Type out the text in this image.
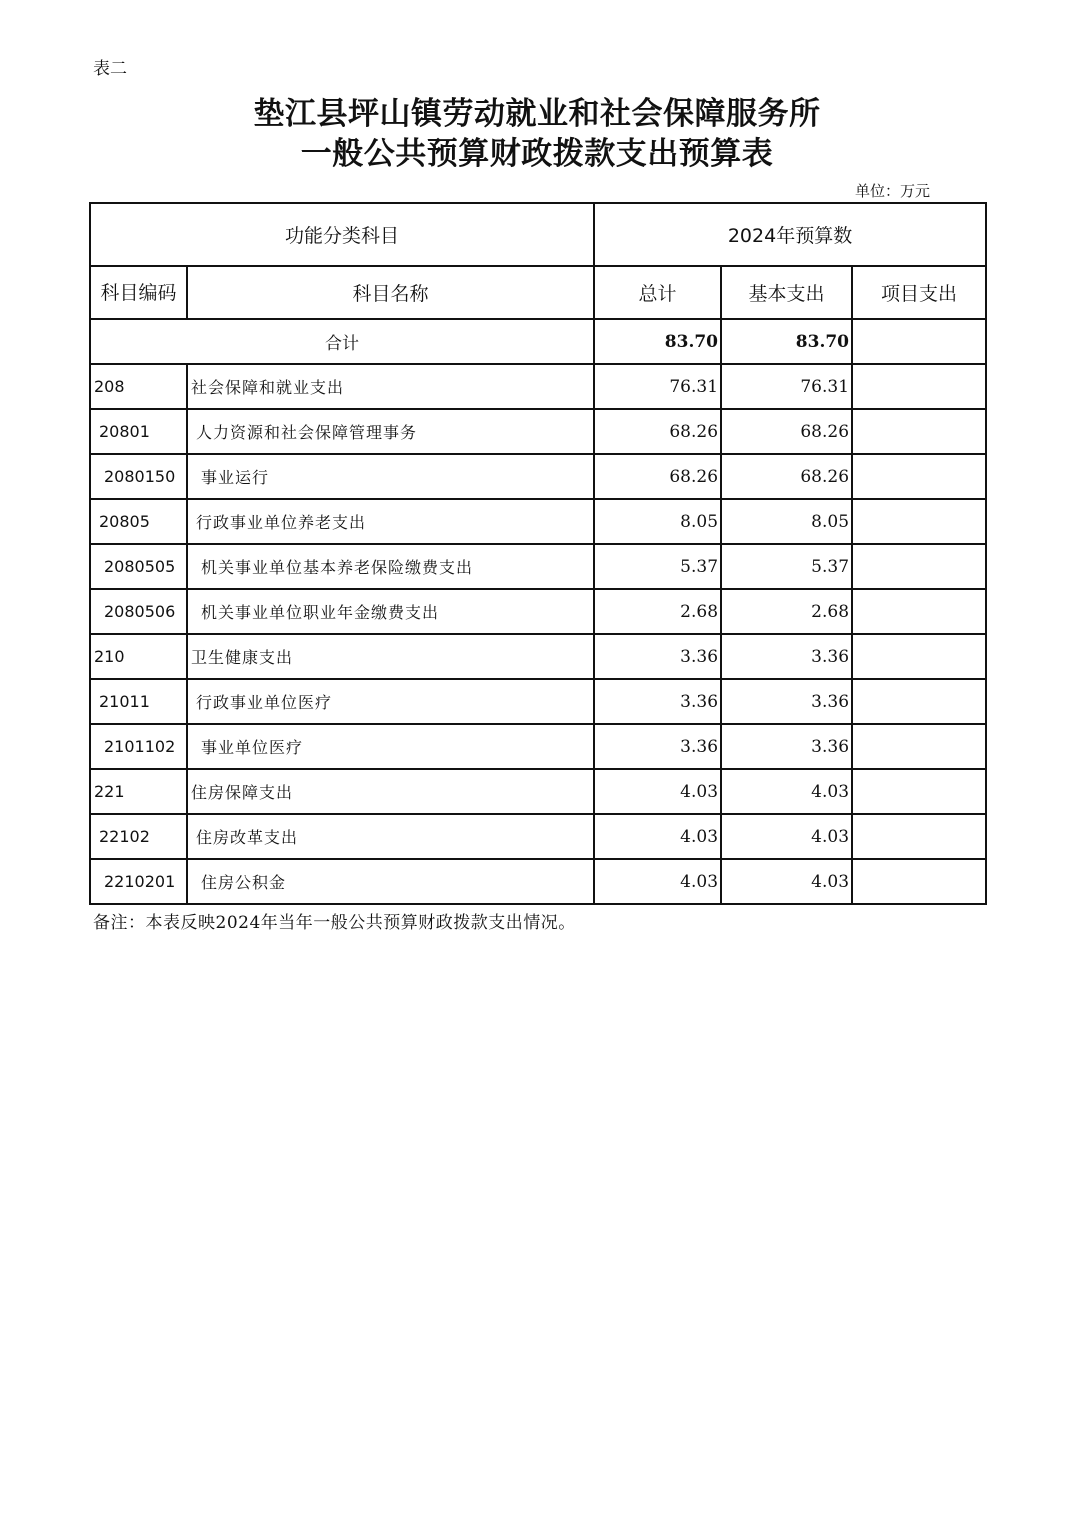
表二
垫江县坪山镇劳动就业和社会保障服务所
一般公共预算财政拨款支出预算表
单位：万元
功能分类科目		2024年预算数		
科目编码	科目名称	总计	基本支出	项目支出
合计		83.70	83.70	
208	社会保障和就业支出	76.31	76.31	
20801	人力资源和社会保障管理事务	68.26	68.26	
2080150	事业运行	68.26	68.26	
20805	行政事业单位养老支出	8.05	8.05	
2080505	机关事业单位基本养老保险缴费支出	5.37	5.37	
2080506	机关事业单位职业年金缴费支出	2.68	2.68	
210	卫生健康支出	3.36	3.36	
21011	行政事业单位医疗	3.36	3.36	
2101102	事业单位医疗	3.36	3.36	
221	住房保障支出	4.03	4.03	
22102	住房改革支出	4.03	4.03	
2210201	住房公积金	4.03	4.03	
备注：本表反映2024年当年一般公共预算财政拨款支出情况。
